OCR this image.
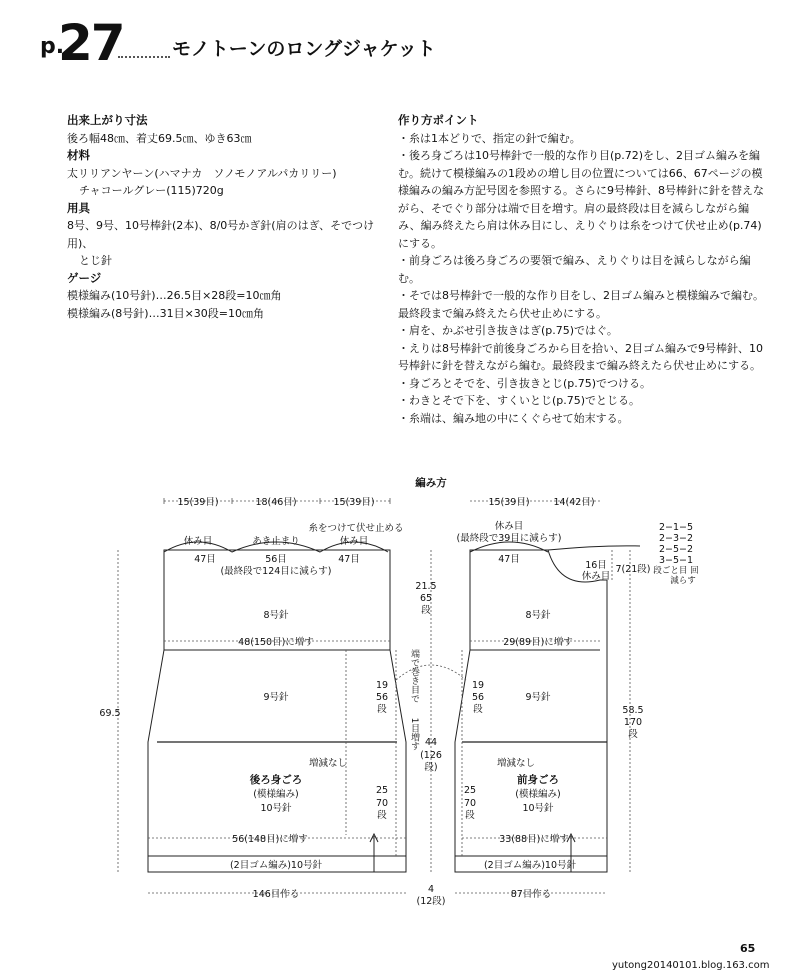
p.
27	モノトーンのロングジャケット
出来上がり寸法
後ろ幅48㎝、着丈69.5㎝、ゆき63㎝
材料
太リリアンヤーン(ハマナカ　ソノモノアルパカリリー)
チャコールグレー(115)720g
用具
8号、9号、10号棒針(2本)、8/0号かぎ針(肩のはぎ、そでつけ用)、
とじ針
ゲージ
模様編み(10号針)…26.5目×28段=10㎝角
模様編み(8号針)…31目×30段=10㎝角
作り方ポイント

・糸は1本どりで、指定の針で編む。

・後ろ身ごろは10号棒針で一般的な作り目(p.72)をし、2目ゴム編みを編む。続けて模様編みの1段めの増し目の位置については66、67ページの模様編みの編み方記号図を参照する。さらに9号棒針、8号棒針に針を替えながら、そでぐり部分は端で目を増す。肩の最終段は目を減らしながら編み、編み終えたら肩は休み目にし、えりぐりは糸をつけて伏せ止め(p.74)にする。

・前身ごろは後ろ身ごろの要領で編み、えりぐりは目を減らしながら編む。

・そでは8号棒針で一般的な作り目をし、2目ゴム編みと模様編みで編む。最終段まで編み終えたら伏せ止めにする。

・肩を、かぶせ引き抜きはぎ(p.75)ではぐ。

・えりは8号棒針で前後身ごろから目を拾い、2目ゴム編みで9号棒針、10号棒針に針を替えながら編む。最終段まで編み終えたら伏せ止めにする。

・身ごろとそでを、引き抜きとじ(p.75)でつける。

・わきとそで下を、すくいとじ(p.75)でとじる。

・糸端は、編み地の中にくぐらせて始末する。

編み方
15(39目)	18(46目)	15(39目)
糸をつけて伏せ止める
休み目	あき止まり	休み目
47目	56目	47目
(最終段で124目に減らす)
8号針
48(150目)に増す
9号針
増減なし
後ろ身ごろ
(模様編み)
10号針
56(148目)に増す
(2目ゴム編み)10号針
146目作る
69.5
19
56
段
25
70
段
21.5
65
段
端で巻き目で
1目増す 44
(126
段)
4
(12段)
15(39目)	14(42目)
休み目
(最終段で39目に減らす)
47目
16目
休み目
7(21段)
2−1−5
2−3−2
2−5−2
3−5−1
段ごと目 回
減らす
8号針
29(89目)に増す
9号針
増減なし
前身ごろ
(模様編み)
10号針
33(88目)に増す
(2目ゴム編み)10号針
87目作る
58.5
170
段
19
56
段
25
70
段
65
yutong20140101.blog.163.com
